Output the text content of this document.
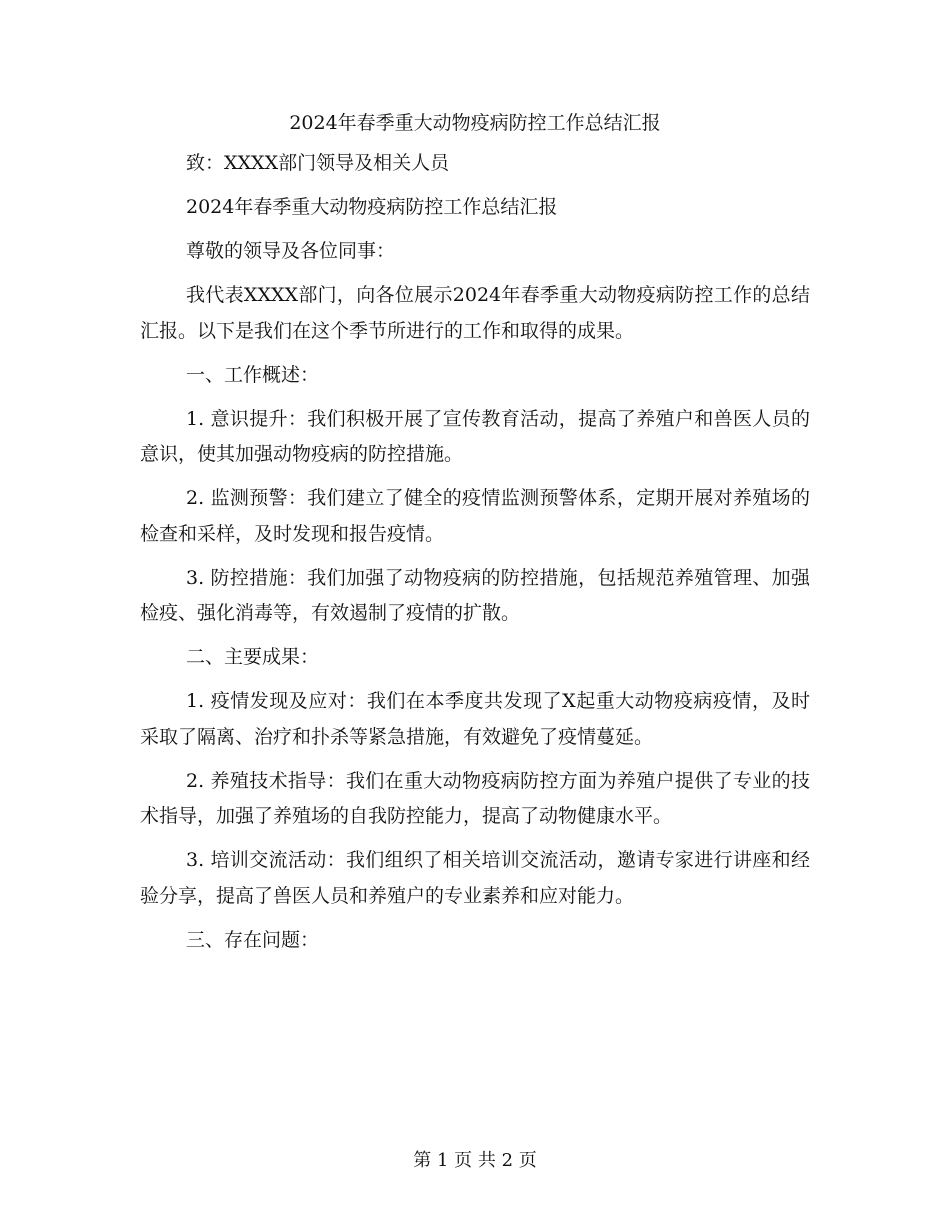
2024年春季重大动物疫病防控工作总结汇报

致：XXXX部门领导及相关人员

2024年春季重大动物疫病防控工作总结汇报

尊敬的领导及各位同事：

我代表XXXX部门，向各位展示2024年春季重大动物疫病防控工作的总结汇报。以下是我们在这个季节所进行的工作和取得的成果。

一、工作概述：

1. 意识提升：我们积极开展了宣传教育活动，提高了养殖户和兽医人员的意识，使其加强动物疫病的防控措施。

2. 监测预警：我们建立了健全的疫情监测预警体系，定期开展对养殖场的检查和采样，及时发现和报告疫情。

3. 防控措施：我们加强了动物疫病的防控措施，包括规范养殖管理、加强检疫、强化消毒等，有效遏制了疫情的扩散。

二、主要成果：

1. 疫情发现及应对：我们在本季度共发现了X起重大动物疫病疫情，及时采取了隔离、治疗和扑杀等紧急措施，有效避免了疫情蔓延。

2. 养殖技术指导：我们在重大动物疫病防控方面为养殖户提供了专业的技术指导，加强了养殖场的自我防控能力，提高了动物健康水平。

3. 培训交流活动：我们组织了相关培训交流活动，邀请专家进行讲座和经验分享，提高了兽医人员和养殖户的专业素养和应对能力。

三、存在问题：

第 1 页 共 2 页
